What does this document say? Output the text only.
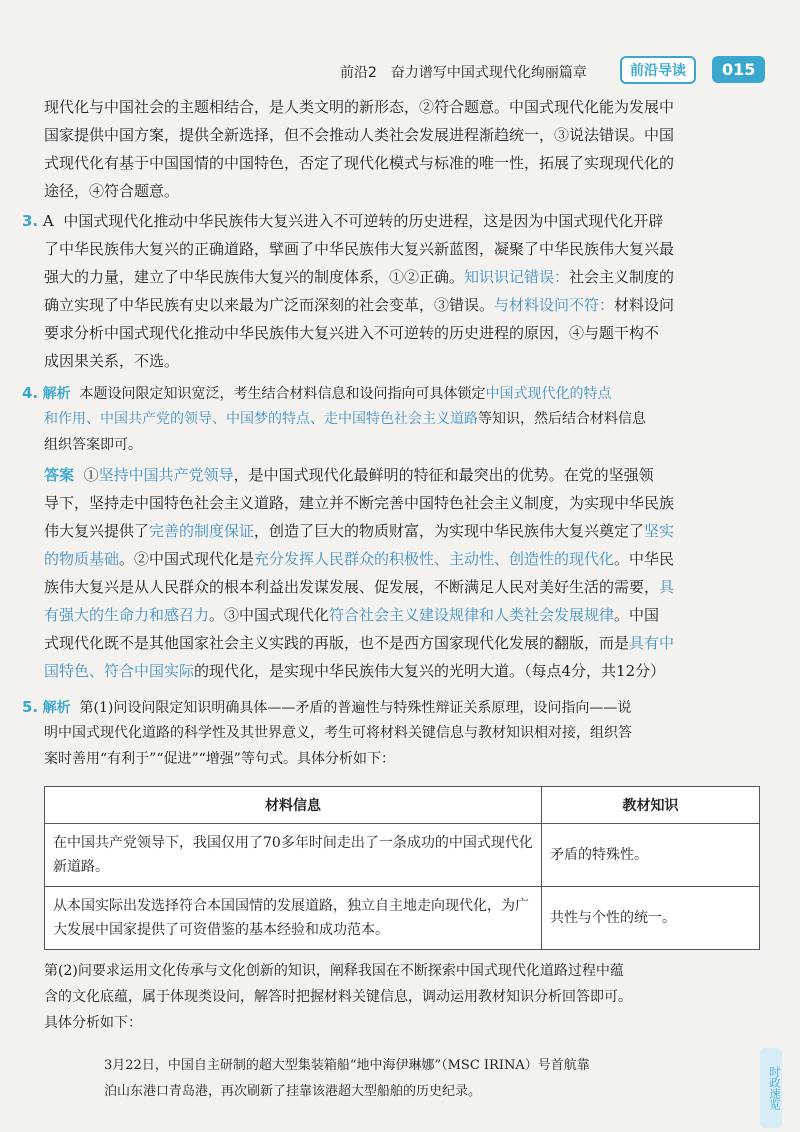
前沿2　奋力谱写中国式现代化绚丽篇章	前沿导读	015
现代化与中国社会的主题相结合，是人类文明的新形态，②符合题意。中国式现代化能为发展中
国家提供中国方案，提供全新选择，但不会推动人类社会发展进程渐趋统一，③说法错误。中国
式现代化有基于中国国情的中国特色，否定了现代化模式与标准的唯一性，拓展了实现现代化的
途径，④符合题意。
3. A 中国式现代化推动中华民族伟大复兴进入不可逆转的历史进程，这是因为中国式现代化开辟
了中华民族伟大复兴的正确道路，擘画了中华民族伟大复兴新蓝图，凝聚了中华民族伟大复兴最
强大的力量，建立了中华民族伟大复兴的制度体系，①②正确。知识识记错误：社会主义制度的
确立实现了中华民族有史以来最为广泛而深刻的社会变革，③错误。与材料设问不符：材料设问
要求分析中国式现代化推动中华民族伟大复兴进入不可逆转的历史进程的原因，④与题干构不
成因果关系，不选。
4. 解析 本题设问限定知识宽泛，考生结合材料信息和设问指向可具体锁定中国式现代化的特点
和作用、中国共产党的领导、中国梦的特点、走中国特色社会主义道路等知识，然后结合材料信息
组织答案即可。
答案 ①坚持中国共产党领导，是中国式现代化最鲜明的特征和最突出的优势。在党的坚强领
导下，坚持走中国特色社会主义道路，建立并不断完善中国特色社会主义制度，为实现中华民族
伟大复兴提供了完善的制度保证，创造了巨大的物质财富，为实现中华民族伟大复兴奠定了坚实
的物质基础。②中国式现代化是充分发挥人民群众的积极性、主动性、创造性的现代化。中华民
族伟大复兴是从人民群众的根本利益出发谋发展、促发展，不断满足人民对美好生活的需要，具
有强大的生命力和感召力。③中国式现代化符合社会主义建设规律和人类社会发展规律。中国
式现代化既不是其他国家社会主义实践的再版，也不是西方国家现代化发展的翻版，而是具有中
国特色、符合中国实际的现代化，是实现中华民族伟大复兴的光明大道。（每点4分，共12分）
5. 解析 第(1)问设问限定知识明确具体——矛盾的普遍性与特殊性辩证关系原理，设问指向——说
明中国式现代化道路的科学性及其世界意义，考生可将材料关键信息与教材知识相对接，组织答
案时善用“有利于”“促进”“增强”等句式。具体分析如下：
材料信息	教材知识
在中国共产党领导下，我国仅用了70多年时间走出了一条成功的中国式现代化新道路。	矛盾的特殊性。
从本国实际出发选择符合本国国情的发展道路，独立自主地走向现代化，为广大发展中国家提供了可资借鉴的基本经验和成功范本。	共性与个性的统一。
第(2)问要求运用文化传承与文化创新的知识，阐释我国在不断探索中国式现代化道路过程中蕴
含的文化底蕴，属于体现类设问，解答时把握材料关键信息，调动运用教材知识分析回答即可。
具体分析如下：
3月22日，中国自主研制的超大型集装箱船“地中海伊琳娜”（MSC IRINA）号首航靠
泊山东港口青岛港，再次刷新了挂靠该港超大型船舶的历史纪录。	时政速览
